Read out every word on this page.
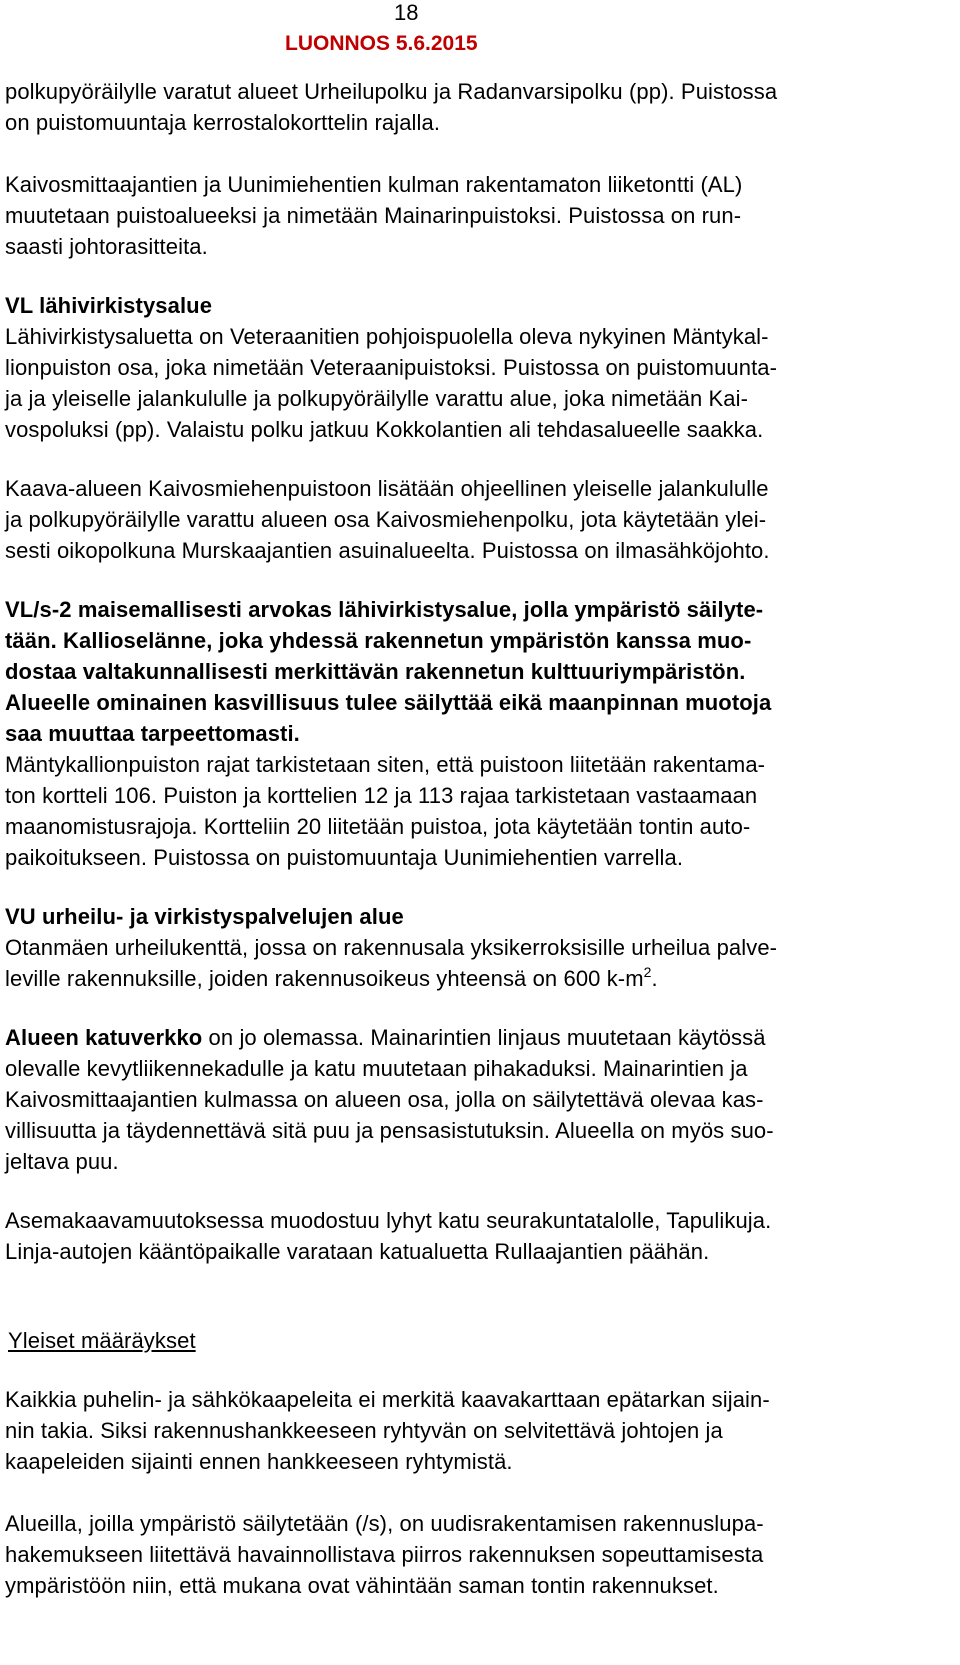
18
LUONNOS 5.6.2015
polkupyöräilylle varatut alueet Urheilupolku ja Radanvarsipolku (pp). Puistossa
on puistomuuntaja kerrostalokorttelin rajalla.
Kaivosmittaajantien ja Uunimiehentien kulman rakentamaton liiketontti (AL)
muutetaan puistoalueeksi ja nimetään Mainarinpuistoksi. Puistossa on run-
saasti johtorasitteita.
VL lähivirkistysalue
Lähivirkistysaluetta on Veteraanitien pohjoispuolella oleva nykyinen Mäntykal-
lionpuiston osa, joka nimetään Veteraanipuistoksi. Puistossa on puistomuunta-
ja ja yleiselle jalankululle ja polkupyöräilylle varattu alue, joka nimetään Kai-
vospoluksi (pp). Valaistu polku jatkuu Kokkolantien ali tehdasalueelle saakka.
Kaava-alueen Kaivosmiehenpuistoon lisätään ohjeellinen yleiselle jalankululle
ja polkupyöräilylle varattu alueen osa Kaivosmiehenpolku, jota käytetään ylei-
sesti oikopolkuna Murskaajantien asuinalueelta. Puistossa on ilmasähköjohto.
VL/s-2 maisemallisesti arvokas lähivirkistysalue, jolla ympäristö säilyte-
tään. Kallioselänne, joka yhdessä rakennetun ympäristön kanssa muo-
dostaa valtakunnallisesti merkittävän rakennetun kulttuuriympäristön.
Alueelle ominainen kasvillisuus tulee säilyttää eikä maanpinnan muotoja
saa muuttaa tarpeettomasti.
Mäntykallionpuiston rajat tarkistetaan siten, että puistoon liitetään rakentama-
ton kortteli 106. Puiston ja korttelien 12 ja 113 rajaa tarkistetaan vastaamaan
maanomistusrajoja. Kortteliin 20 liitetään puistoa, jota käytetään tontin auto-
paikoitukseen. Puistossa on puistomuuntaja Uunimiehentien varrella.
VU urheilu- ja virkistyspalvelujen alue
Otanmäen urheilukenttä, jossa on rakennusala yksikerroksisille urheilua palve-
leville rakennuksille, joiden rakennusoikeus yhteensä on 600 $k-m^2$.
Alueen katuverkko on jo olemassa. Mainarintien linjaus muutetaan käytössä
olevalle kevytliikennekadulle ja katu muutetaan pihakaduksi. Mainarintien ja
Kaivosmittaajantien kulmassa on alueen osa, jolla on säilytettävä olevaa kas-
villisuutta ja täydennettävä sitä puu ja pensasistutuksin. Alueella on myös suo-
jeltava puu.
Asemakaavamuutoksessa muodostuu lyhyt katu seurakuntatalolle, Tapulikuja.
Linja-autojen kääntöpaikalle varataan katualuetta Rullaajantien päähän.
Yleiset määräykset
Kaikkia puhelin- ja sähkökaapeleita ei merkitä kaavakarttaan epätarkan sijain-
nin takia. Siksi rakennushankkeeseen ryhtyvän on selvitettävä johtojen ja
kaapeleiden sijainti ennen hankkeeseen ryhtymistä.
Alueilla, joilla ympäristö säilytetään (/s), on uudisrakentamisen rakennuslupa-
hakemukseen liitettävä havainnollistava piirros rakennuksen sopeuttamisesta
ympäristöön niin, että mukana ovat vähintään saman tontin rakennukset.
